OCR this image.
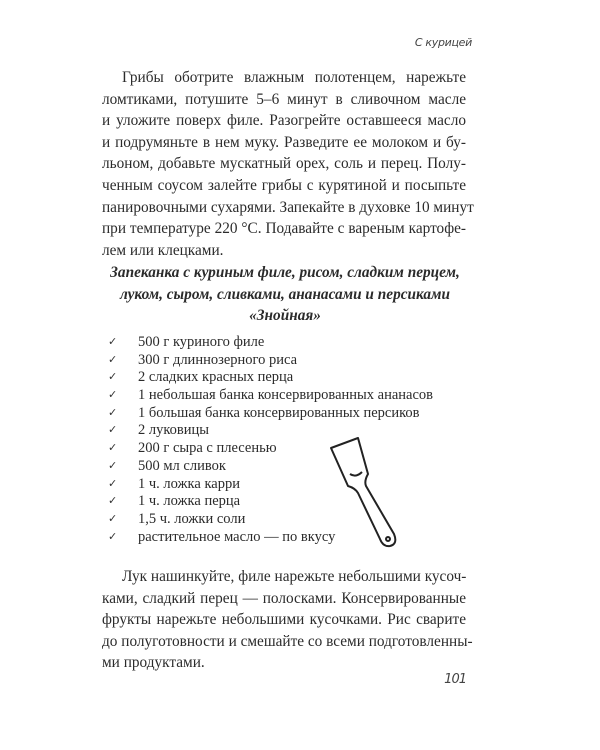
С курицей
Грибы оботрите влажным полотенцем, нарежьте
ломтиками, потушите 5–6 минут в сливочном масле
и уложите поверх филе. Разогрейте оставшееся масло
и подрумяньте в нем муку. Разведите ее молоком и бу-
льоном, добавьте мускатный орех, соль и перец. Полу-
ченным соусом залейте грибы с курятиной и посыпьте
панировочными сухарями. Запекайте в духовке 10 минут
при температуре 220 °С. Подавайте с вареным картофе-
лем или клецками.
Запеканка с куриным филе, рисом, сладким перцем,
луком, сыром, сливками, ананасами и персиками
«Знойная»
✓	500 г куриного филе
✓	300 г длиннозерного риса
✓	2 сладких красных перца
✓	1 небольшая банка консервированных ананасов
✓	1 большая банка консервированных персиков
✓	2 луковицы
✓	200 г сыра с плесенью
✓	500 мл сливок
✓	1 ч. ложка карри
✓	1 ч. ложка перца
✓	1,5 ч. ложки соли
✓	растительное масло — по вкусу
Лук нашинкуйте, филе нарежьте небольшими кусоч-
ками, сладкий перец — полосками. Консервированные
фрукты нарежьте небольшими кусочками. Рис сварите
до полуготовности и смешайте со всеми подготовленны-
ми продуктами.
101
